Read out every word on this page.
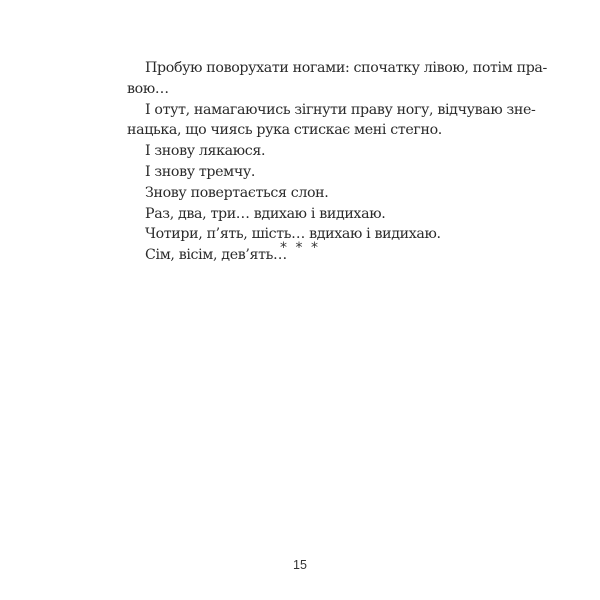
Пробую поворухати ногами: спочатку лівою, потім пра-
вою…
І отут, намагаючись зігнути праву ногу, відчуваю зне-
нацька, що чиясь рука стискає мені стегно.
І знову лякаюся.
І знову тремчу.
Знову повертається слон.
Раз, два, три… вдихаю і видихаю.
Чотири, п’ять, шість… вдихаю і видихаю.
Сім, вісім, дев’ять…
* * *
15
